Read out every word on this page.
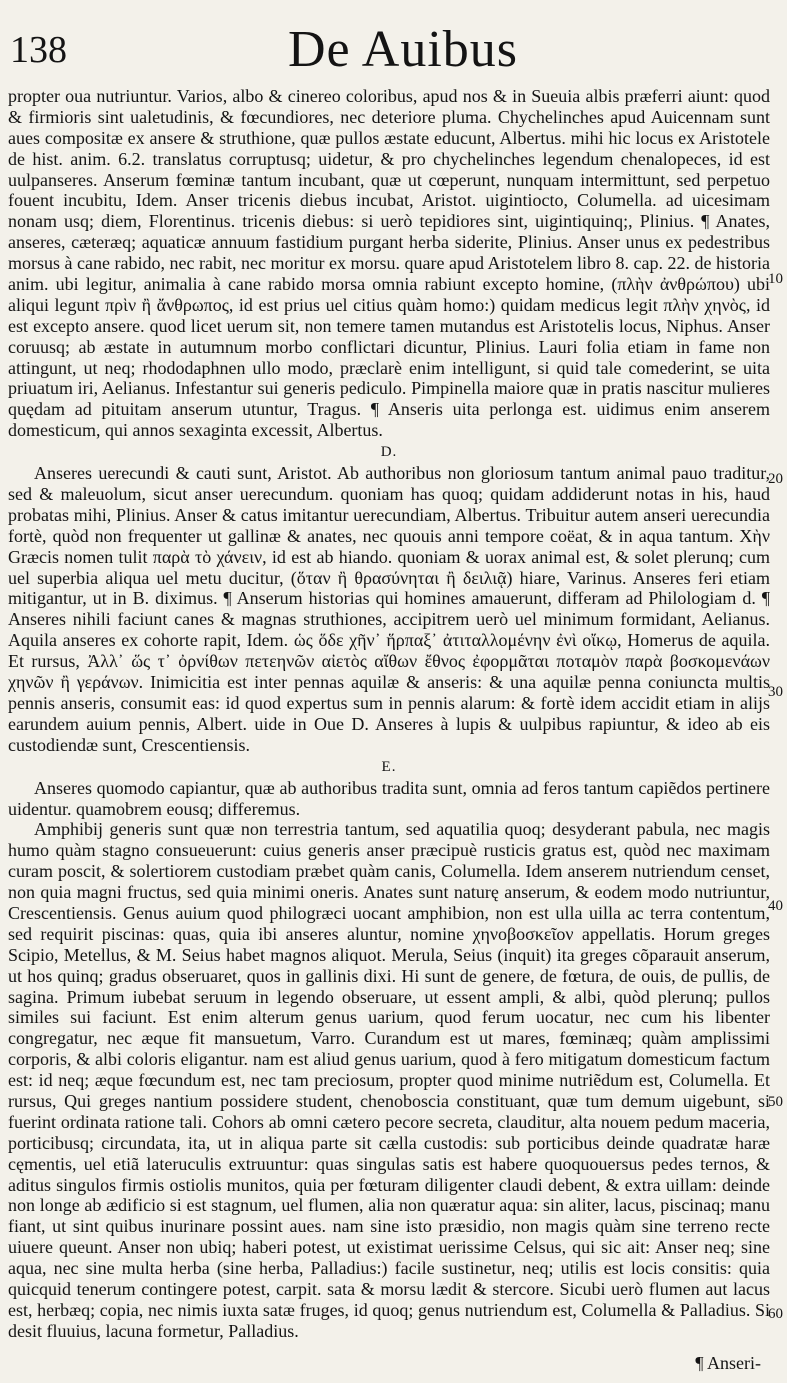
138	De Auibus

propter oua nutriuntur. Varios, albo & cinereo coloribus, apud nos & in Sueuia albis præferri aiunt: quod & firmioris sint ualetudinis, & fœcundiores, nec deteriore pluma. Chychelinches apud Auicennam sunt aues compositæ ex ansere & struthione, quæ pullos æstate educunt, Albertus. mihi hic locus ex Aristotele de hist. anim. 6.2. translatus corruptusq; uidetur, & pro chychelinches legendum chenalopeces, id est uulpanseres. Anserum fœminæ tantum incubant, quæ ut cœperunt, nunquam intermittunt, sed perpetuo fouent incubitu, Idem. Anser tricenis diebus incubat, Aristot. uigintiocto, Columella. ad uicesimam nonam usq; diem, Florentinus. tricenis diebus: si uerò tepidiores sint, uigintiquinq;, Plinius. ¶ Anates, anseres, cæteræq; aquaticæ annuum fastidium purgant herba siderite, Plinius. Anser unus ex pedestribus morsus à cane rabido, nec rabit, nec moritur ex morsu. quare apud Aristotelem libro 8. cap. 22. de historia anim. ubi legitur, animalia à cane rabido morsa omnia rabiunt excepto homine, (πλὴν ἀνθρώπου) ubi aliqui legunt πρὶν ἢ ἄνθρωπος, id est prius uel citius quàm homo:) quidam medicus legit πλὴν χηνὸς, id est excepto ansere. quod licet uerum sit, non temere tamen mutandus est Aristotelis locus, Niphus. Anser coruusq; ab æstate in autumnum morbo conflictari dicuntur, Plinius. Lauri folia etiam in fame non attingunt, ut neq; rhododaphnen ullo modo, præclarè enim intelligunt, si quid tale comederint, se uita priuatum iri, Aelianus. Infestantur sui generis pediculo. Pimpinella maiore quæ in pratis nascitur mulieres quędam ad pituitam anserum utuntur, Tragus. ¶ Anseris uita perlonga est. uidimus enim anserem domesticum, qui annos sexaginta excessit, Albertus.

D.

Anseres uerecundi & cauti sunt, Aristot. Ab authoribus non gloriosum tantum animal pauo traditur, sed & maleuolum, sicut anser uerecundum. quoniam has quoq; quidam addiderunt notas in his, haud probatas mihi, Plinius. Anser & catus imitantur uerecundiam, Albertus. Tribuitur autem anseri uerecundia fortè, quòd non frequenter ut gallinæ & anates, nec quouis anni tempore coëat, & in aqua tantum. Χὴν Græcis nomen tulit παρὰ τὸ χάνειν, id est ab hiando. quoniam & uorax animal est, & solet plerunq; cum uel superbia aliqua uel metu ducitur, (ὅταν ἢ θρασύνηται ἢ δειλιᾷ) hiare, Varinus. Anseres feri etiam mitigantur, ut in B. diximus. ¶ Anserum historias qui homines amauerunt, differam ad Philologiam d. ¶ Anseres nihili faciunt canes & magnas struthiones, accipitrem uerò uel minimum formidant, Aelianus. Aquila anseres ex cohorte rapit, Idem. ὡς ὅδε χῆν᾽ ἥρπαξ᾽ ἀτιταλλομένην ἐνὶ οἴκῳ, Homerus de aquila. Et rursus, Ἀλλ᾽ ὥς τ᾽ ὀρνίθων πετεηνῶν αἰετὸς αἴθων ἔθνος ἐφορμᾶται ποταμὸν παρὰ βοσκομενάων χηνῶν ἢ γεράνων. Inimicitia est inter pennas aquilæ & anseris: & una aquilæ penna coniuncta multis pennis anseris, consumit eas: id quod expertus sum in pennis alarum: & fortè idem accidit etiam in alijs earundem auium pennis, Albert. uide in Oue D. Anseres à lupis & uulpibus rapiuntur, & ideo ab eis custodiendæ sunt, Crescentiensis.

E.

Anseres quomodo capiantur, quæ ab authoribus tradita sunt, omnia ad feros tantum capiẽdos pertinere uidentur. quamobrem eousq; differemus.

Amphibij generis sunt quæ non terrestria tantum, sed aquatilia quoq; desyderant pabula, nec magis humo quàm stagno consueuerunt: cuius generis anser præcipuè rusticis gratus est, quòd nec maximam curam poscit, & solertiorem custodiam præbet quàm canis, Columella. Idem anserem nutriendum censet, non quia magni fructus, sed quia minimi oneris. Anates sunt naturę anserum, & eodem modo nutriuntur, Crescentiensis. Genus auium quod philogræci uocant amphibion, non est ulla uilla ac terra contentum, sed requirit piscinas: quas, quia ibi anseres aluntur, nomine χηνοβοσκεῖον appellatis. Horum greges Scipio, Metellus, & M. Seius habet magnos aliquot. Merula, Seius (inquit) ita greges cõparauit anserum, ut hos quinq; gradus obseruaret, quos in gallinis dixi. Hi sunt de genere, de fœtura, de ouis, de pullis, de sagina. Primum iubebat seruum in legendo obseruare, ut essent ampli, & albi, quòd plerunq; pullos similes sui faciunt. Est enim alterum genus uarium, quod ferum uocatur, nec cum his libenter congregatur, nec æque fit mansuetum, Varro. Curandum est ut mares, fœminæq; quàm amplissimi corporis, & albi coloris eligantur. nam est aliud genus uarium, quod à fero mitigatum domesticum factum est: id neq; æque fœcundum est, nec tam preciosum, propter quod minime nutriẽdum est, Columella. Et rursus, Qui greges nantium possidere student, chenoboscia constituant, quæ tum demum uigebunt, si fuerint ordinata ratione tali. Cohors ab omni cætero pecore secreta, clauditur, alta nouem pedum maceria, porticibusq; circundata, ita, ut in aliqua parte sit cælla custodis: sub porticibus deinde quadratæ haræ cęmentis, uel etiã lateruculis extruuntur: quas singulas satis est habere quoquouersus pedes ternos, & aditus singulos firmis ostiolis munitos, quia per fœturam diligenter claudi debent, & extra uillam: deinde non longe ab ædificio si est stagnum, uel flumen, alia non quæratur aqua: sin aliter, lacus, piscinaq; manu fiant, ut sint quibus inurinare possint aues. nam sine isto præsidio, non magis quàm sine terreno recte uiuere queunt. Anser non ubiq; haberi potest, ut existimat uerissime Celsus, qui sic ait: Anser neq; sine aqua, nec sine multa herba (sine herba, Palladius:) facile sustinetur, neq; utilis est locis consitis: quia quicquid tenerum contingere potest, carpit. sata & morsu lædit & stercore. Sicubi uerò flumen aut lacus est, herbæq; copia, nec nimis iuxta satæ fruges, id quoq; genus nutriendum est, Columella & Palladius. Si desit fluuius, lacuna formetur, Palladius.

10
20
30
40
50
60
¶ Anseri-
